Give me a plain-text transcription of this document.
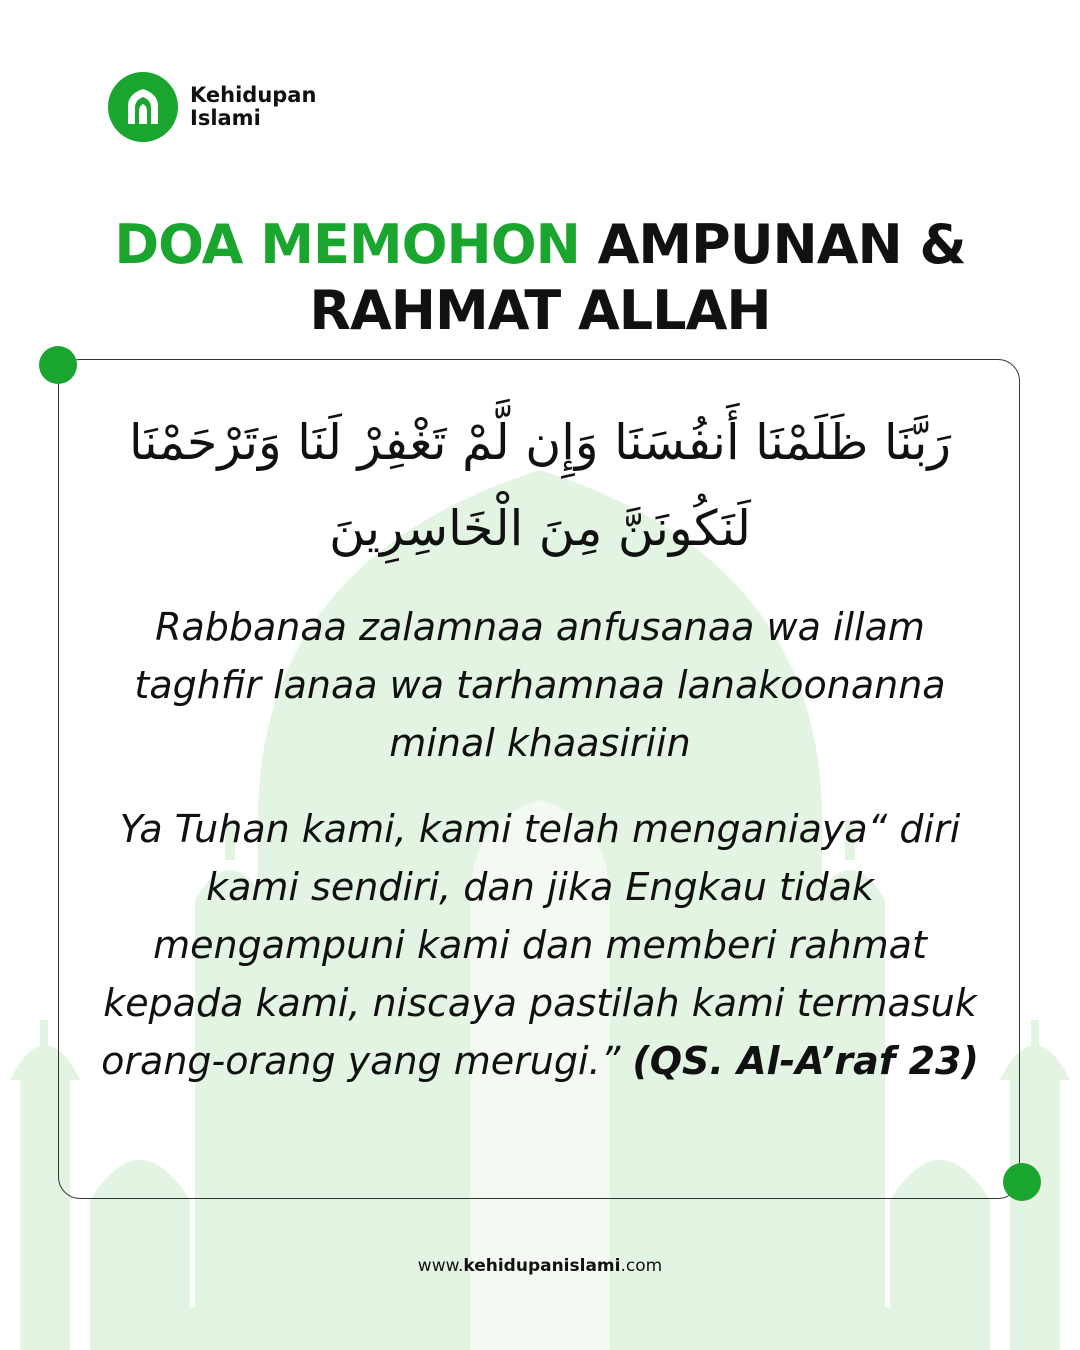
Kehidupan
Islami
DOA MEMOHON AMPUNAN &
RAHMAT ALLAH
رَبَّنَا ظَلَمْنَا أَنفُسَنَا وَإِن لَّمْ تَغْفِرْ لَنَا وَتَرْحَمْنَا لَنَكُونَنَّ مِنَ الْخَاسِرِينَ
Rabbanaa zalamnaa anfusanaa wa illam taghfir lanaa wa tarhamnaa lanakoonanna minal khaasiriin
Ya Tuhan kami, kami telah menganiaya“ diri kami sendiri, dan jika Engkau tidak mengampuni kami dan memberi rahmat kepada kami, niscaya pastilah kami termasuk orang-orang yang merugi.” (QS. Al-A’raf 23)
www.kehidupanislami.com
